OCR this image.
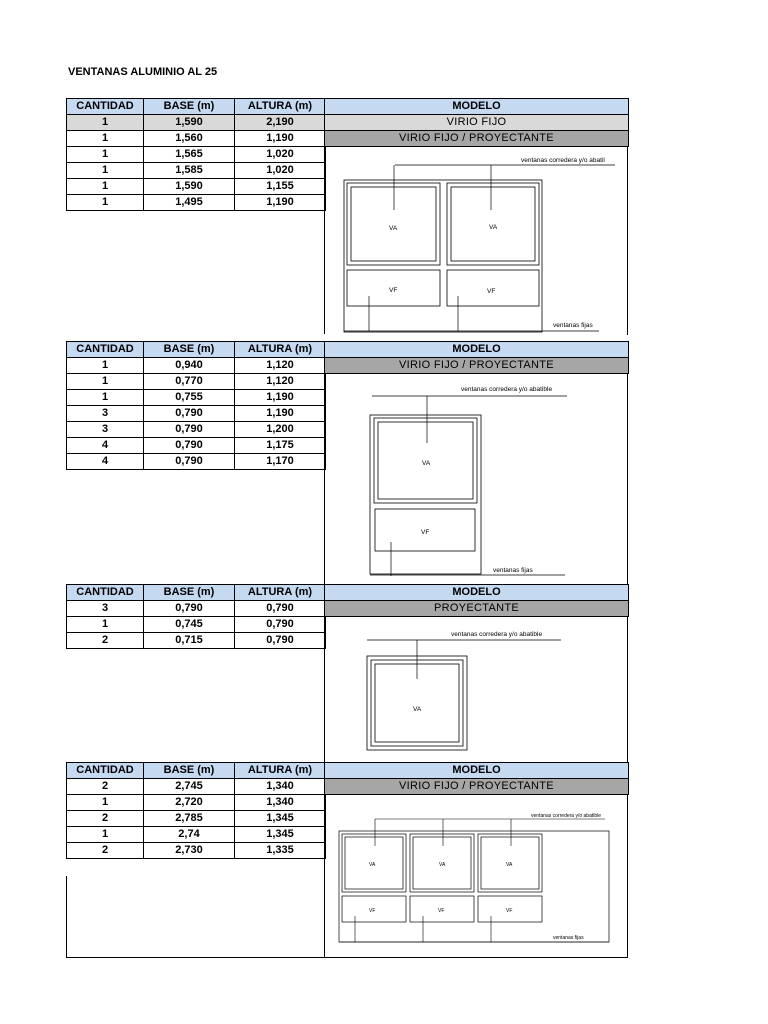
VENTANAS ALUMINIO AL 25
CANTIDAD	BASE (m)	ALTURA (m)
1	1,590	2,190
1	1,560	1,190
1	1,565	1,020
1	1,585	1,020
1	1,590	1,155
1	1,495	1,190
MODELO
VIRIO FIJO
VIRIO FIJO / PROYECTANTE
ventanas corredera y/o abatil
VA	VA
VF	VF
ventanas fijas
CANTIDAD	BASE (m)	ALTURA (m)
1	0,940	1,120
1	0,770	1,120
1	0,755	1,190
3	0,790	1,190
3	0,790	1,200
4	0,790	1,175
4	0,790	1,170
MODELO
VIRIO FIJO / PROYECTANTE
ventanas corredera y/o abatible
VA
VF
ventanas fijas
CANTIDAD	BASE (m)	ALTURA (m)
3	0,790	0,790
1	0,745	0,790
2	0,715	0,790
MODELO
PROYECTANTE
ventanas corredera y/o abatible
VA
CANTIDAD	BASE (m)	ALTURA (m)
2	2,745	1,340
1	2,720	1,340
2	2,785	1,345
1	2,74	1,345
2	2,730	1,335
MODELO
VIRIO FIJO / PROYECTANTE
ventanas corredera y/o abatible
VA	VA	VA
VF	VF	VF
ventanas fijas
